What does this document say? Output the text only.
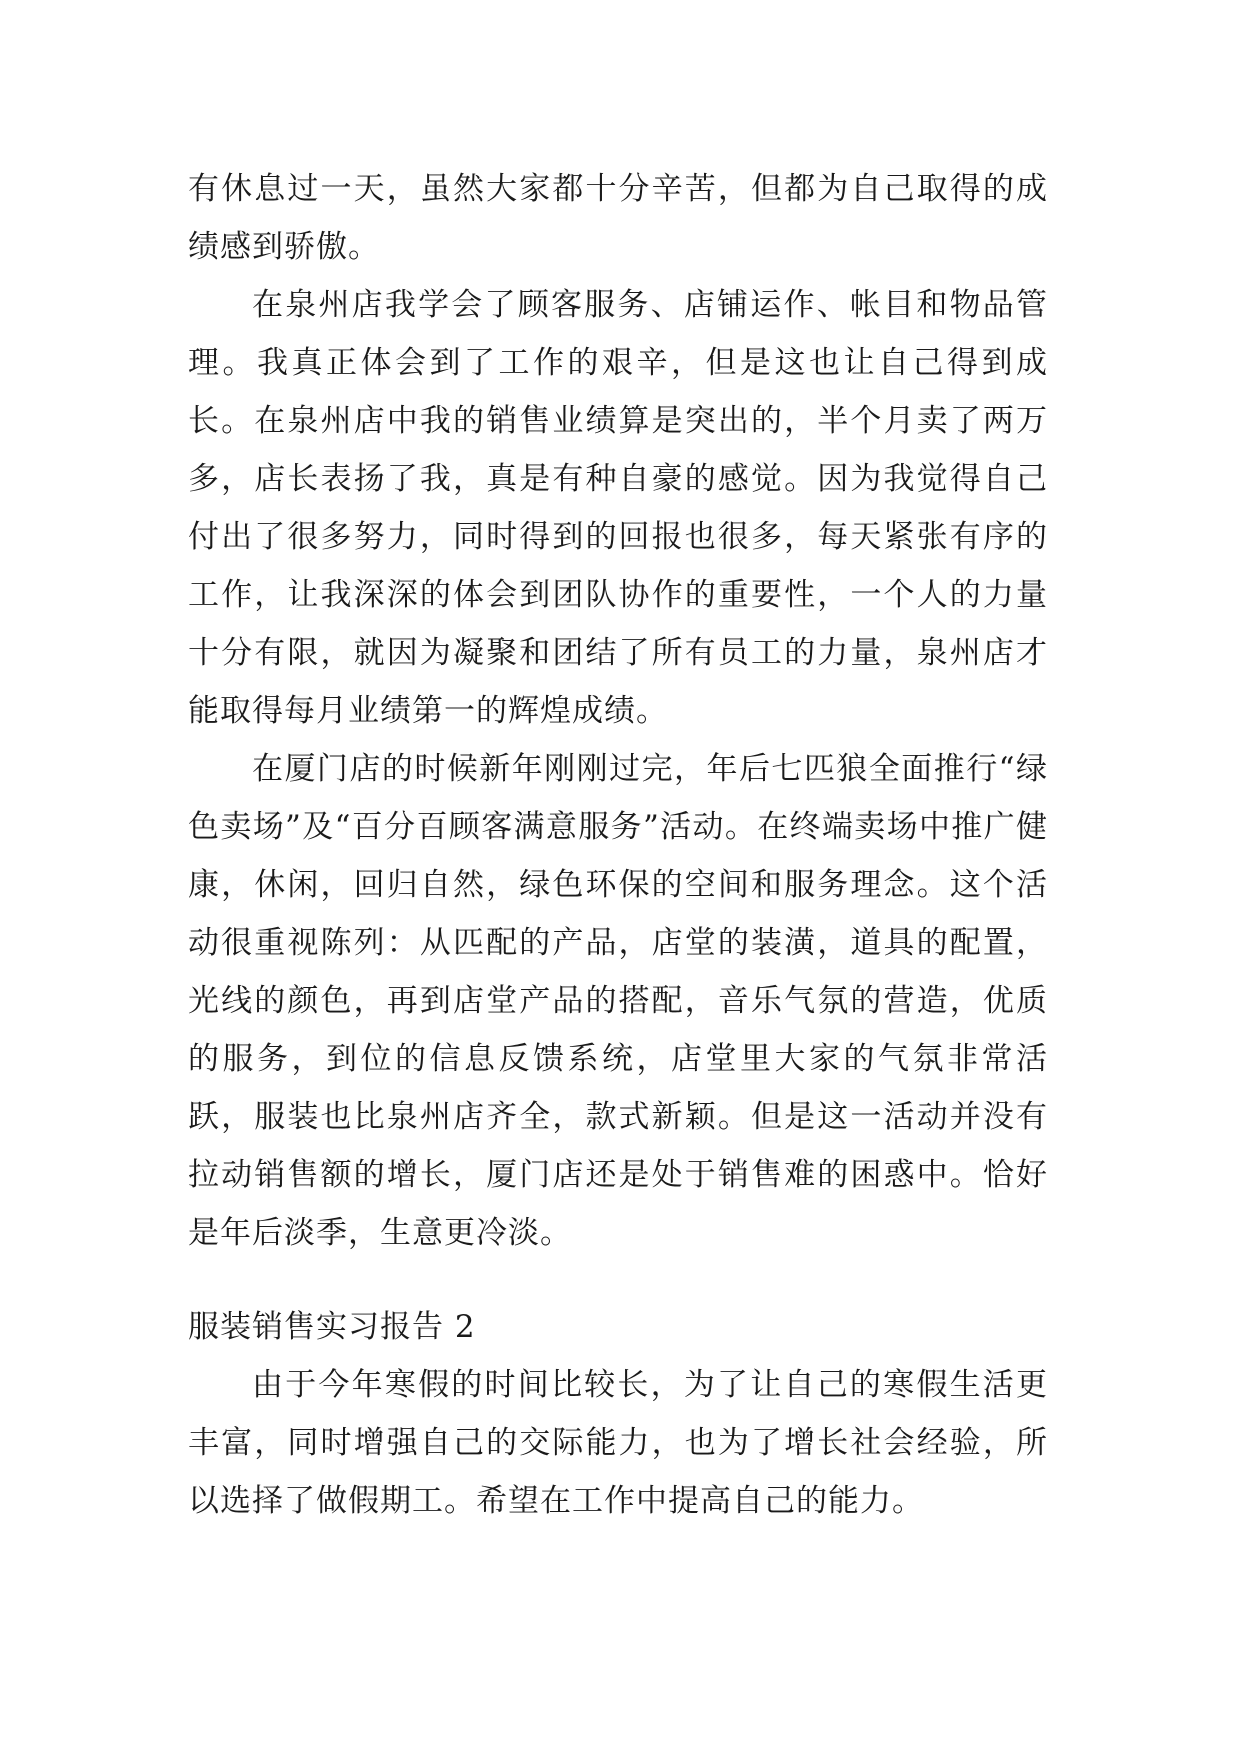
有休息过一天，虽然大家都十分辛苦，但都为自己取得的成绩感到骄傲。

在泉州店我学会了顾客服务、店铺运作、帐目和物品管理。我真正体会到了工作的艰辛，但是这也让自己得到成长。在泉州店中我的销售业绩算是突出的，半个月卖了两万多，店长表扬了我，真是有种自豪的感觉。因为我觉得自己付出了很多努力，同时得到的回报也很多，每天紧张有序的工作，让我深深的体会到团队协作的重要性，一个人的力量十分有限，就因为凝聚和团结了所有员工的力量，泉州店才能取得每月业绩第一的辉煌成绩。

在厦门店的时候新年刚刚过完，年后七匹狼全面推行“绿色卖场”及“百分百顾客满意服务”活动。在终端卖场中推广健康，休闲，回归自然，绿色环保的空间和服务理念。这个活动很重视陈列：从匹配的产品，店堂的装潢，道具的配置，光线的颜色，再到店堂产品的搭配，音乐气氛的营造，优质的服务，到位的信息反馈系统，店堂里大家的气氛非常活跃，服装也比泉州店齐全，款式新颖。但是这一活动并没有拉动销售额的增长，厦门店还是处于销售难的困惑中。恰好是年后淡季，生意更冷淡。

服装销售实习报告 2

由于今年寒假的时间比较长，为了让自己的寒假生活更丰富，同时增强自己的交际能力，也为了增长社会经验，所以选择了做假期工。希望在工作中提高自己的能力。
